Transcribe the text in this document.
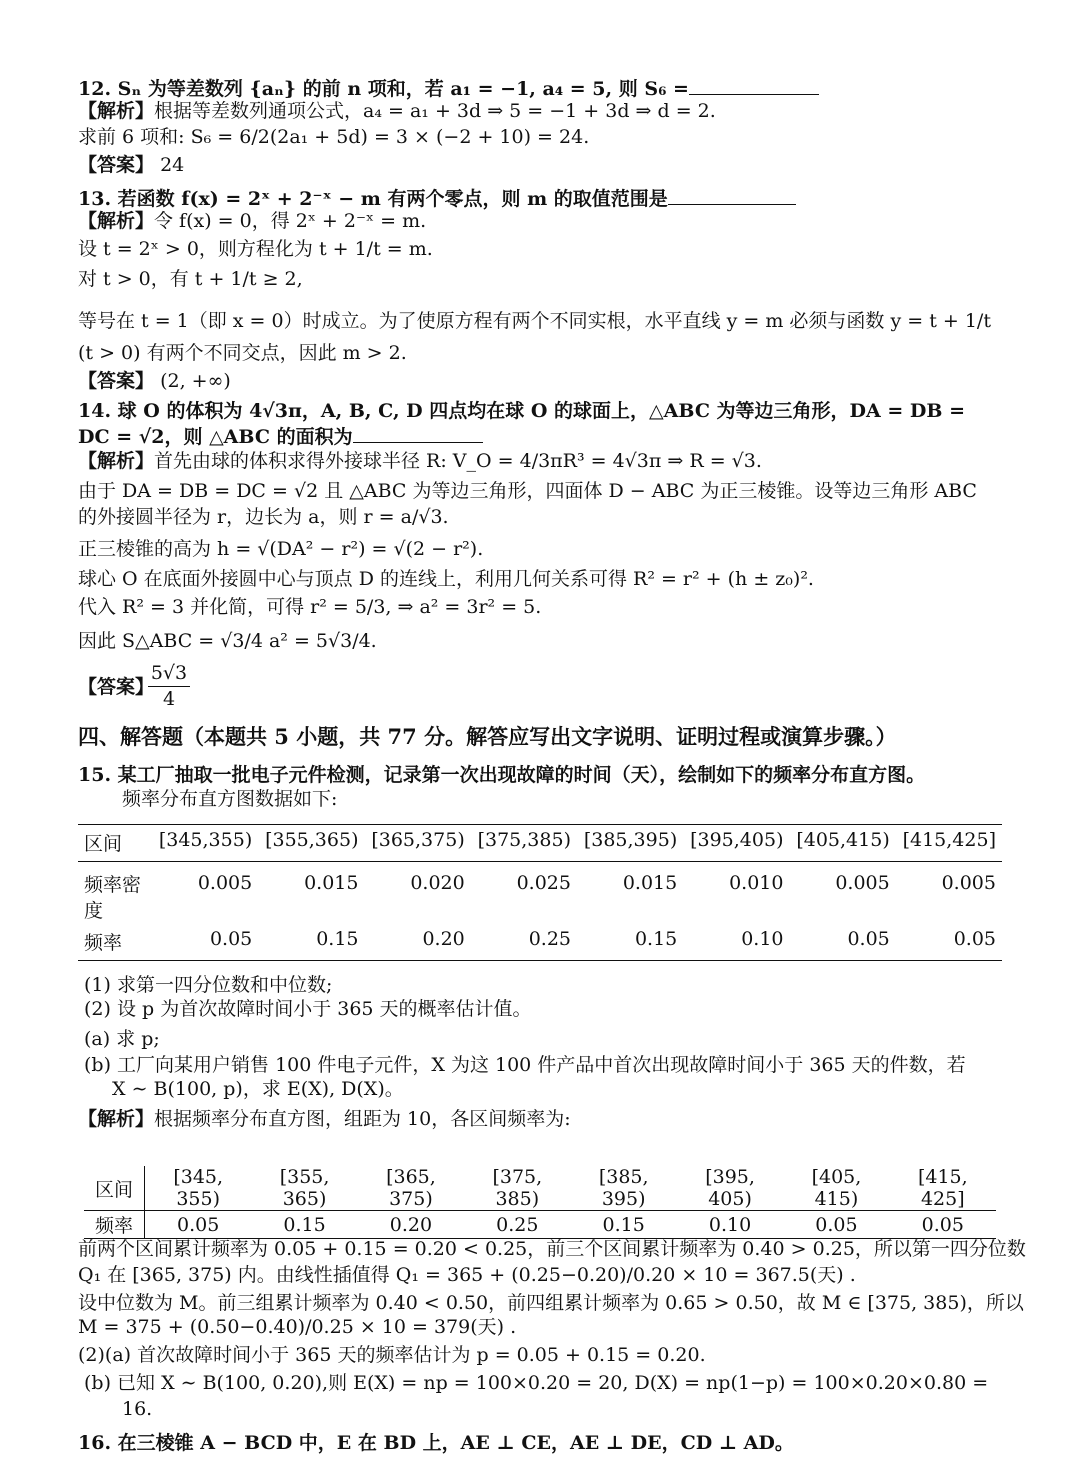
12. Sₙ 为等差数列 {aₙ} 的前 n 项和，若 a₁ = −1, a₄ = 5, 则 S₆ =
【解析】根据等差数列通项公式，a₄ = a₁ + 3d ⇒ 5 = −1 + 3d ⇒ d = 2.
求前 6 项和: S₆ = 6/2(2a₁ + 5d) = 3 × (−2 + 10) = 24.
【答案】 24
13. 若函数 f(x) = 2ˣ + 2⁻ˣ − m 有两个零点，则 m 的取值范围是
【解析】令 f(x) = 0，得 2ˣ + 2⁻ˣ = m.
设 t = 2ˣ > 0，则方程化为 t + 1/t = m.
对 t > 0，有 t + 1/t ≥ 2,
等号在 t = 1（即 x = 0）时成立。为了使原方程有两个不同实根，水平直线 y = m 必须与函数 y = t + 1/t
(t > 0) 有两个不同交点，因此 m > 2.
【答案】 (2, +∞)
14. 球 O 的体积为 4√3π，A, B, C, D 四点均在球 O 的球面上，△ABC 为等边三角形，DA = DB =
DC = √2，则 △ABC 的面积为
【解析】首先由球的体积求得外接球半径 R: V_O = 4/3πR³ = 4√3π ⇒ R = √3.
由于 DA = DB = DC = √2 且 △ABC 为等边三角形，四面体 D − ABC 为正三棱锥。设等边三角形 ABC
的外接圆半径为 r，边长为 a，则 r = a/√3.
正三棱锥的高为 h = √(DA² − r²) = √(2 − r²).
球心 O 在底面外接圆中心与顶点 D 的连线上，利用几何关系可得 R² = r² + (h ± z₀)².
代入 R² = 3 并化简，可得 r² = 5/3, ⇒ a² = 3r² = 5.
因此 S△ABC = √3/4 a² = 5√3/4.
【答案】
5√3
4
四、解答题（本题共 5 小题，共 77 分。解答应写出文字说明、证明过程或演算步骤。）
15. 某工厂抽取一批电子元件检测，记录第一次出现故障的时间（天），绘制如下的频率分布直方图。
频率分布直方图数据如下:
区间	[345,355)	[355,365)	[365,375)	[375,385)	[385,395)	[395,405)	[405,415)	[415,425]
频率密
度	0.005	0.015	0.020	0.025	0.015	0.010	0.005	0.005
频率	0.05	0.15	0.20	0.25	0.15	0.10	0.05	0.05
(1) 求第一四分位数和中位数;
(2) 设 p 为首次故障时间小于 365 天的概率估计值。
(a) 求 p;
(b) 工厂向某用户销售 100 件电子元件，X 为这 100 件产品中首次出现故障时间小于 365 天的件数，若
X ∼ B(100, p)，求 E(X), D(X)。
【解析】根据频率分布直方图，组距为 10，各区间频率为:
区间	[345, 355)	[355, 365)	[365, 375)	[375, 385)	[385, 395)	[395, 405)	[405, 415)	[415, 425]
频率	0.05	0.15	0.20	0.25	0.15	0.10	0.05	0.05
前两个区间累计频率为 0.05 + 0.15 = 0.20 < 0.25，前三个区间累计频率为 0.40 > 0.25，所以第一四分位数
Q₁ 在 [365, 375) 内。由线性插值得 Q₁ = 365 + (0.25−0.20)/0.20 × 10 = 367.5(天) .
设中位数为 M。前三组累计频率为 0.40 < 0.50，前四组累计频率为 0.65 > 0.50，故 M ∈ [375, 385)，所以
M = 375 + (0.50−0.40)/0.25 × 10 = 379(天) .
(2)(a) 首次故障时间小于 365 天的频率估计为 p = 0.05 + 0.15 = 0.20.
(b) 已知 X ∼ B(100, 0.20),则 E(X) = np = 100×0.20 = 20, D(X) = np(1−p) = 100×0.20×0.80 =
16.
16. 在三棱锥 A − BCD 中，E 在 BD 上，AE ⊥ CE，AE ⊥ DE，CD ⊥ AD。
